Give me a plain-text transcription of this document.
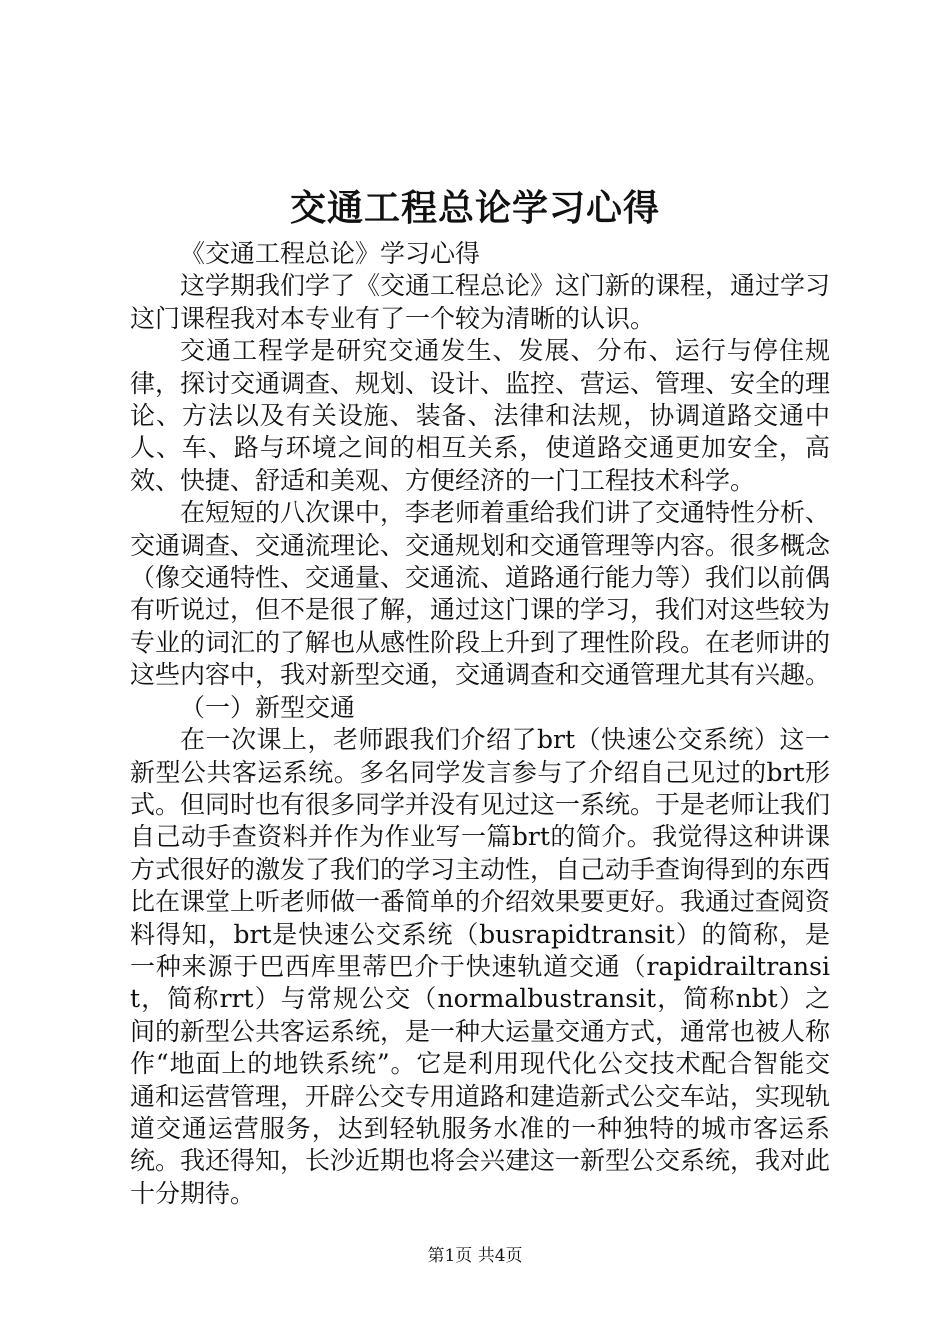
交通工程总论学习心得

《交通工程总论》学习心得

这学期我们学了《交通工程总论》这门新的课程，通过学习这门课程我对本专业有了一个较为清晰的认识。

交通工程学是研究交通发生、发展、分布、运行与停住规律，探讨交通调查、规划、设计、监控、营运、管理、安全的理论、方法以及有关设施、装备、法律和法规，协调道路交通中人、车、路与环境之间的相互关系，使道路交通更加安全，高效、快捷、舒适和美观、方便经济的一门工程技术科学。

在短短的八次课中，李老师着重给我们讲了交通特性分析、交通调查、交通流理论、交通规划和交通管理等内容。很多概念（像交通特性、交通量、交通流、道路通行能力等）我们以前偶有听说过，但不是很了解，通过这门课的学习，我们对这些较为专业的词汇的了解也从感性阶段上升到了理性阶段。在老师讲的这些内容中，我对新型交通，交通调查和交通管理尤其有兴趣。

（一）新型交通

在一次课上，老师跟我们介绍了brt（快速公交系统）这一新型公共客运系统。多名同学发言参与了介绍自己见过的brt形式。但同时也有很多同学并没有见过这一系统。于是老师让我们自己动手查资料并作为作业写一篇brt的简介。我觉得这种讲课方式很好的激发了我们的学习主动性，自己动手查询得到的东西比在课堂上听老师做一番简单的介绍效果要更好。我通过查阅资料得知，brt是快速公交系统（busrapidtransit）的简称，是一种来源于巴西库里蒂巴介于快速轨道交通（rapidrailtransit，简称rrt）与常规公交（normalbustransit，简称nbt）之间的新型公共客运系统，是一种大运量交通方式，通常也被人称作“地面上的地铁系统”。它是利用现代化公交技术配合智能交通和运营管理，开辟公交专用道路和建造新式公交车站，实现轨道交通运营服务，达到轻轨服务水准的一种独特的城市客运系统。我还得知，长沙近期也将会兴建这一新型公交系统，我对此十分期待。

第1页 共4页
